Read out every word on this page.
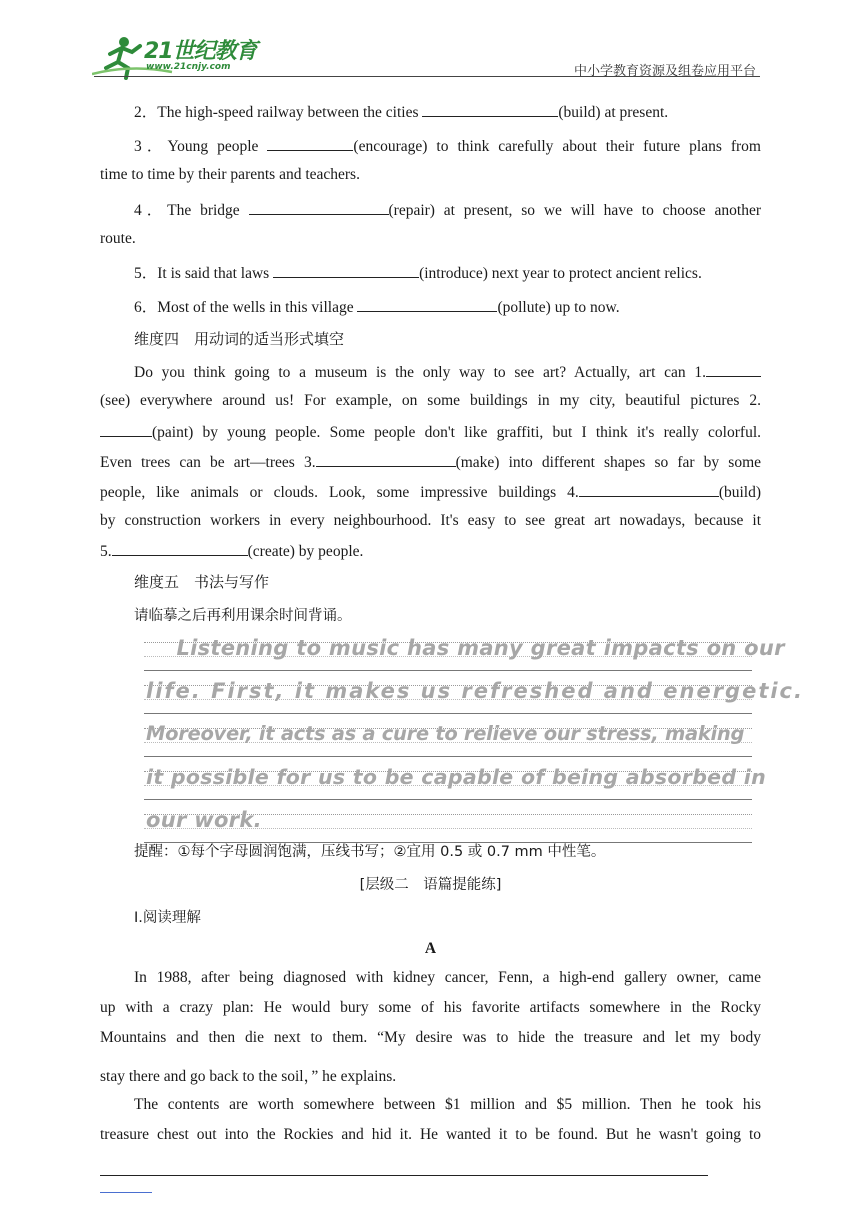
21世纪教育
www.21cnjy.com	中小学教育资源及组卷应用平台
2．The high-speed railway between the cities	(build) at present.
3．Young people	(encourage) to think carefully about their future plans from
time to time by their parents and teachers.
4．The bridge	(repair) at present, so we will have to choose another
route.
5．It is said that laws	(introduce) next year to protect ancient relics.
6．Most of the wells in this village	(pollute) up to now.
维度四　用动词的适当形式填空
Do you think going to a museum is the only way to see art? Actually, art can 1.
(see) everywhere around us! For example, on some buildings in my city, beautiful pictures 2.
(paint) by young people. Some people don't like graffiti, but I think it's really colorful.
Even trees can be art—trees 3.	(make) into different shapes so far by some
people, like animals or clouds. Look, some impressive buildings 4.	(build)
by construction workers in every neighbourhood. It's easy to see great art nowadays, because it
5.	(create) by people.
维度五　书法与写作
请临摹之后再利用课余时间背诵。
Listening to music has many great impacts on our
life. First, it makes us refreshed and energetic.
Moreover, it acts as a cure to relieve our stress, making
it possible for us to be capable of being absorbed in
our work.
提醒：①每个字母圆润饱满，压线书写；②宜用 0.5 或 0.7 mm 中性笔。
[层级二　语篇提能练]
Ⅰ.阅读理解
A
In 1988, after being diagnosed with kidney cancer, Fenn, a high-end gallery owner, came
up with a crazy plan: He would bury some of his favorite artifacts somewhere in the Rocky
Mountains and then die next to them. “My desire was to hide the treasure and let my body
stay there and go back to the soil，” he explains.
The contents are worth somewhere between $1 million and $5 million. Then he took his
treasure chest out into the Rockies and hid it. He wanted it to be found. But he wasn't going to
